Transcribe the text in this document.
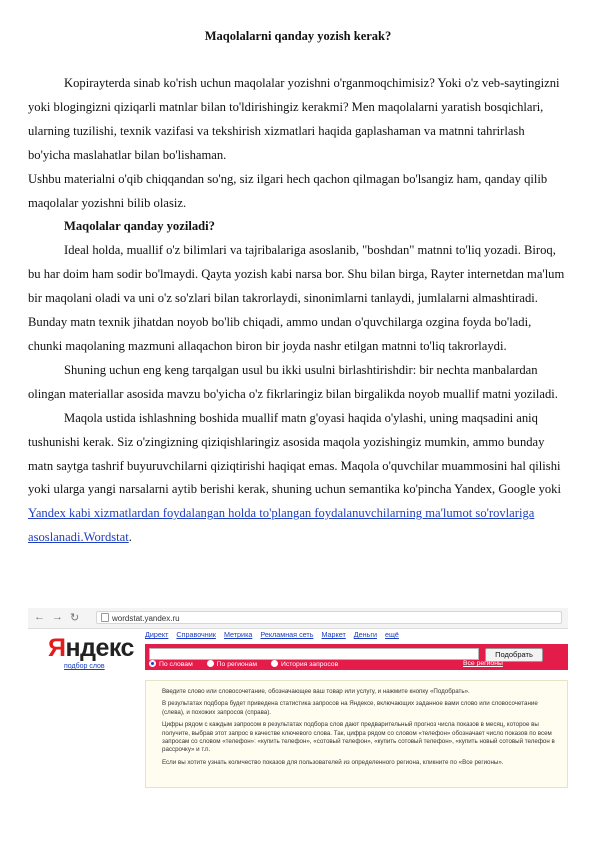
Maqolalarni qanday yozish kerak?

Kopirayterda sinab ko'rish uchun maqolalar yozishni o'rganmoqchimisiz? Yoki o'z veb-saytingizni yoki blogingizni qiziqarli matnlar bilan to'ldirishingiz kerakmi? Men maqolalarni yaratish bosqichlari, ularning tuzilishi, texnik vazifasi va tekshirish xizmatlari haqida gaplashaman va matnni tahrirlash bo'yicha maslahatlar bilan bo'lishaman.

Ushbu materialni o'qib chiqqandan so'ng, siz ilgari hech qachon qilmagan bo'lsangiz ham, qanday qilib maqolalar yozishni bilib olasiz.

Maqolalar qanday yoziladi?

Ideal holda, muallif o'z bilimlari va tajribalariga asoslanib, "boshdan" matnni to'liq yozadi. Biroq, bu har doim ham sodir bo'lmaydi. Qayta yozish kabi narsa bor. Shu bilan birga, Rayter internetdan ma'lum bir maqolani oladi va uni o'z so'zlari bilan takrorlaydi, sinonimlarni tanlaydi, jumlalarni almashtiradi. Bunday matn texnik jihatdan noyob bo'lib chiqadi, ammo undan o'quvchilarga ozgina foyda bo'ladi, chunki maqolaning mazmuni allaqachon biron bir joyda nashr etilgan matnni to'liq takrorlaydi.

Shuning uchun eng keng tarqalgan usul bu ikki usulni birlashtirishdir: bir nechta manbalardan olingan materiallar asosida mavzu bo'yicha o'z fikrlaringiz bilan birgalikda noyob muallif matni yoziladi.

Maqola ustida ishlashning boshida muallif matn g'oyasi haqida o'ylashi, uning maqsadini aniq tushunishi kerak. Siz o'zingizning qiziqishlaringiz asosida maqola yozishingiz mumkin, ammo bunday matn saytga tashrif buyuruvchilarni qiziqtirishi haqiqat emas. Maqola o'quvchilar muammosini hal qilishi yoki ularga yangi narsalarni aytib berishi kerak, shuning uchun semantika ko'pincha Yandex, Google yoki Yandex kabi xizmatlardan foydalangan holda to'plangan foydalanuvchilarning ma'lumot so'rovlariga asoslanadi.Wordstat.

← → ↻	wordstat.yandex.ru
Яндекс
подбор слов
Директ Справочник Метрика Рекламная сеть Маркет Деньги ещё
Подобрать
По словам	По регионам	История запросов	Все регионы

Введите слово или словосочетание, обозначающее ваш товар или услугу, и нажмите кнопку «Подобрать».

В результатах подбора будет приведена статистика запросов на Яндексе, включающих заданное вами слово или словосочетание (слева), и похожих запросов (справа).

Цифры рядом с каждым запросом в результатах подбора слов дают предварительный прогноз числа показов в месяц, которое вы получите, выбрав этот запрос в качестве ключевого слова. Так, цифра рядом со словом «телефон» обозначает число показов по всем запросам со словом «телефон»: «купить телефон», «сотовый телефон», «купить сотовый телефон», «купить новый сотовый телефон в рассрочку» и т.п.

Если вы хотите узнать количество показов для пользователей из определенного региона, кликните по «Все регионы».
